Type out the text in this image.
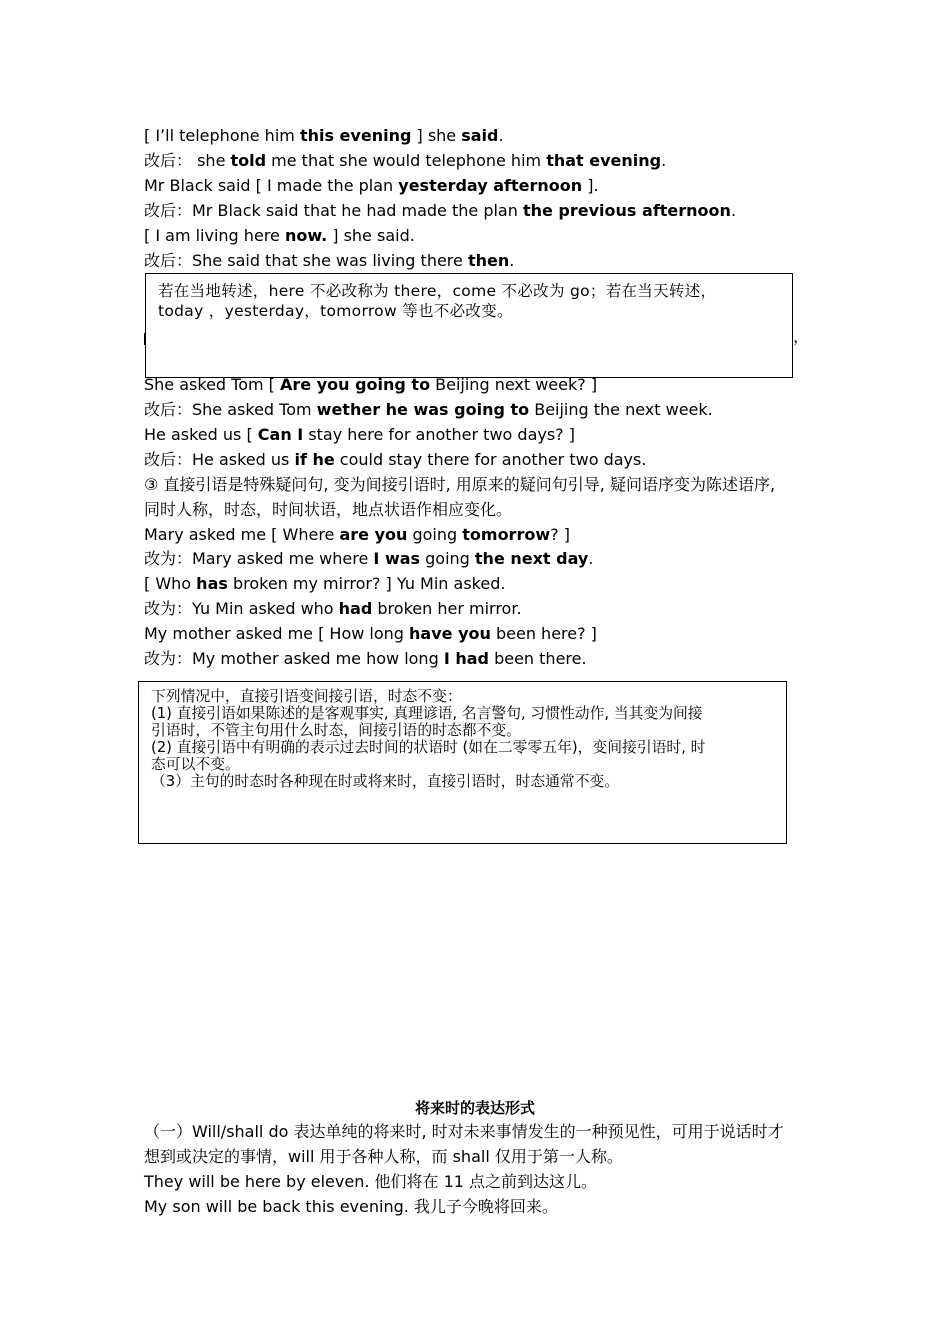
[ I’ll telephone him this evening ] she said.
改后： she told me that she would telephone him that evening.
Mr Black said [ I made the plan yesterday afternoon ].
改后：Mr Black said that he had made the plan the previous afternoon.
[ I am living here now. ] she said.
改后：She said that she was living there then.
，
若在当地转述，here 不必改称为 there，come 不必改为 go；若在当天转述，
today ，yesterday，tomorrow 等也不必改变。
She asked Tom [ Are you going to Beijing next week? ]
改后：She asked Tom wether he was going to Beijing the next week.
He asked us [ Can I stay here for another two days? ]
改后：He asked us if he could stay there for another two days.
③ 直接引语是特殊疑问句, 变为间接引语时, 用原来的疑问句引导, 疑问语序变为陈述语序,
同时人称，时态，时间状语，地点状语作相应变化。
Mary asked me [ Where are you going tomorrow? ]
改为：Mary asked me where I was going the next day.
[ Who has broken my mirror? ] Yu Min asked.
改为：Yu Min asked who had broken her mirror.
My mother asked me [ How long have you been here? ]
改为：My mother asked me how long I had been there.
下列情况中，直接引语变间接引语，时态不变：
(1) 直接引语如果陈述的是客观事实, 真理谚语, 名言警句, 习惯性动作, 当其变为间接
引语时，不管主句用什么时态，间接引语的时态都不变。
(2) 直接引语中有明确的表示过去时间的状语时 (如在二零零五年)，变间接引语时, 时
态可以不变。
（3）主句的时态时各种现在时或将来时，直接引语时，时态通常不变。
将来时的表达形式
（一）Will/shall do 表达单纯的将来时, 时对未来事情发生的一种预见性，可用于说话时才
想到或决定的事情，will 用于各种人称，而 shall 仅用于第一人称。
They will be here by eleven. 他们将在 11 点之前到达这儿。
My son will be back this evening. 我儿子今晚将回来。
